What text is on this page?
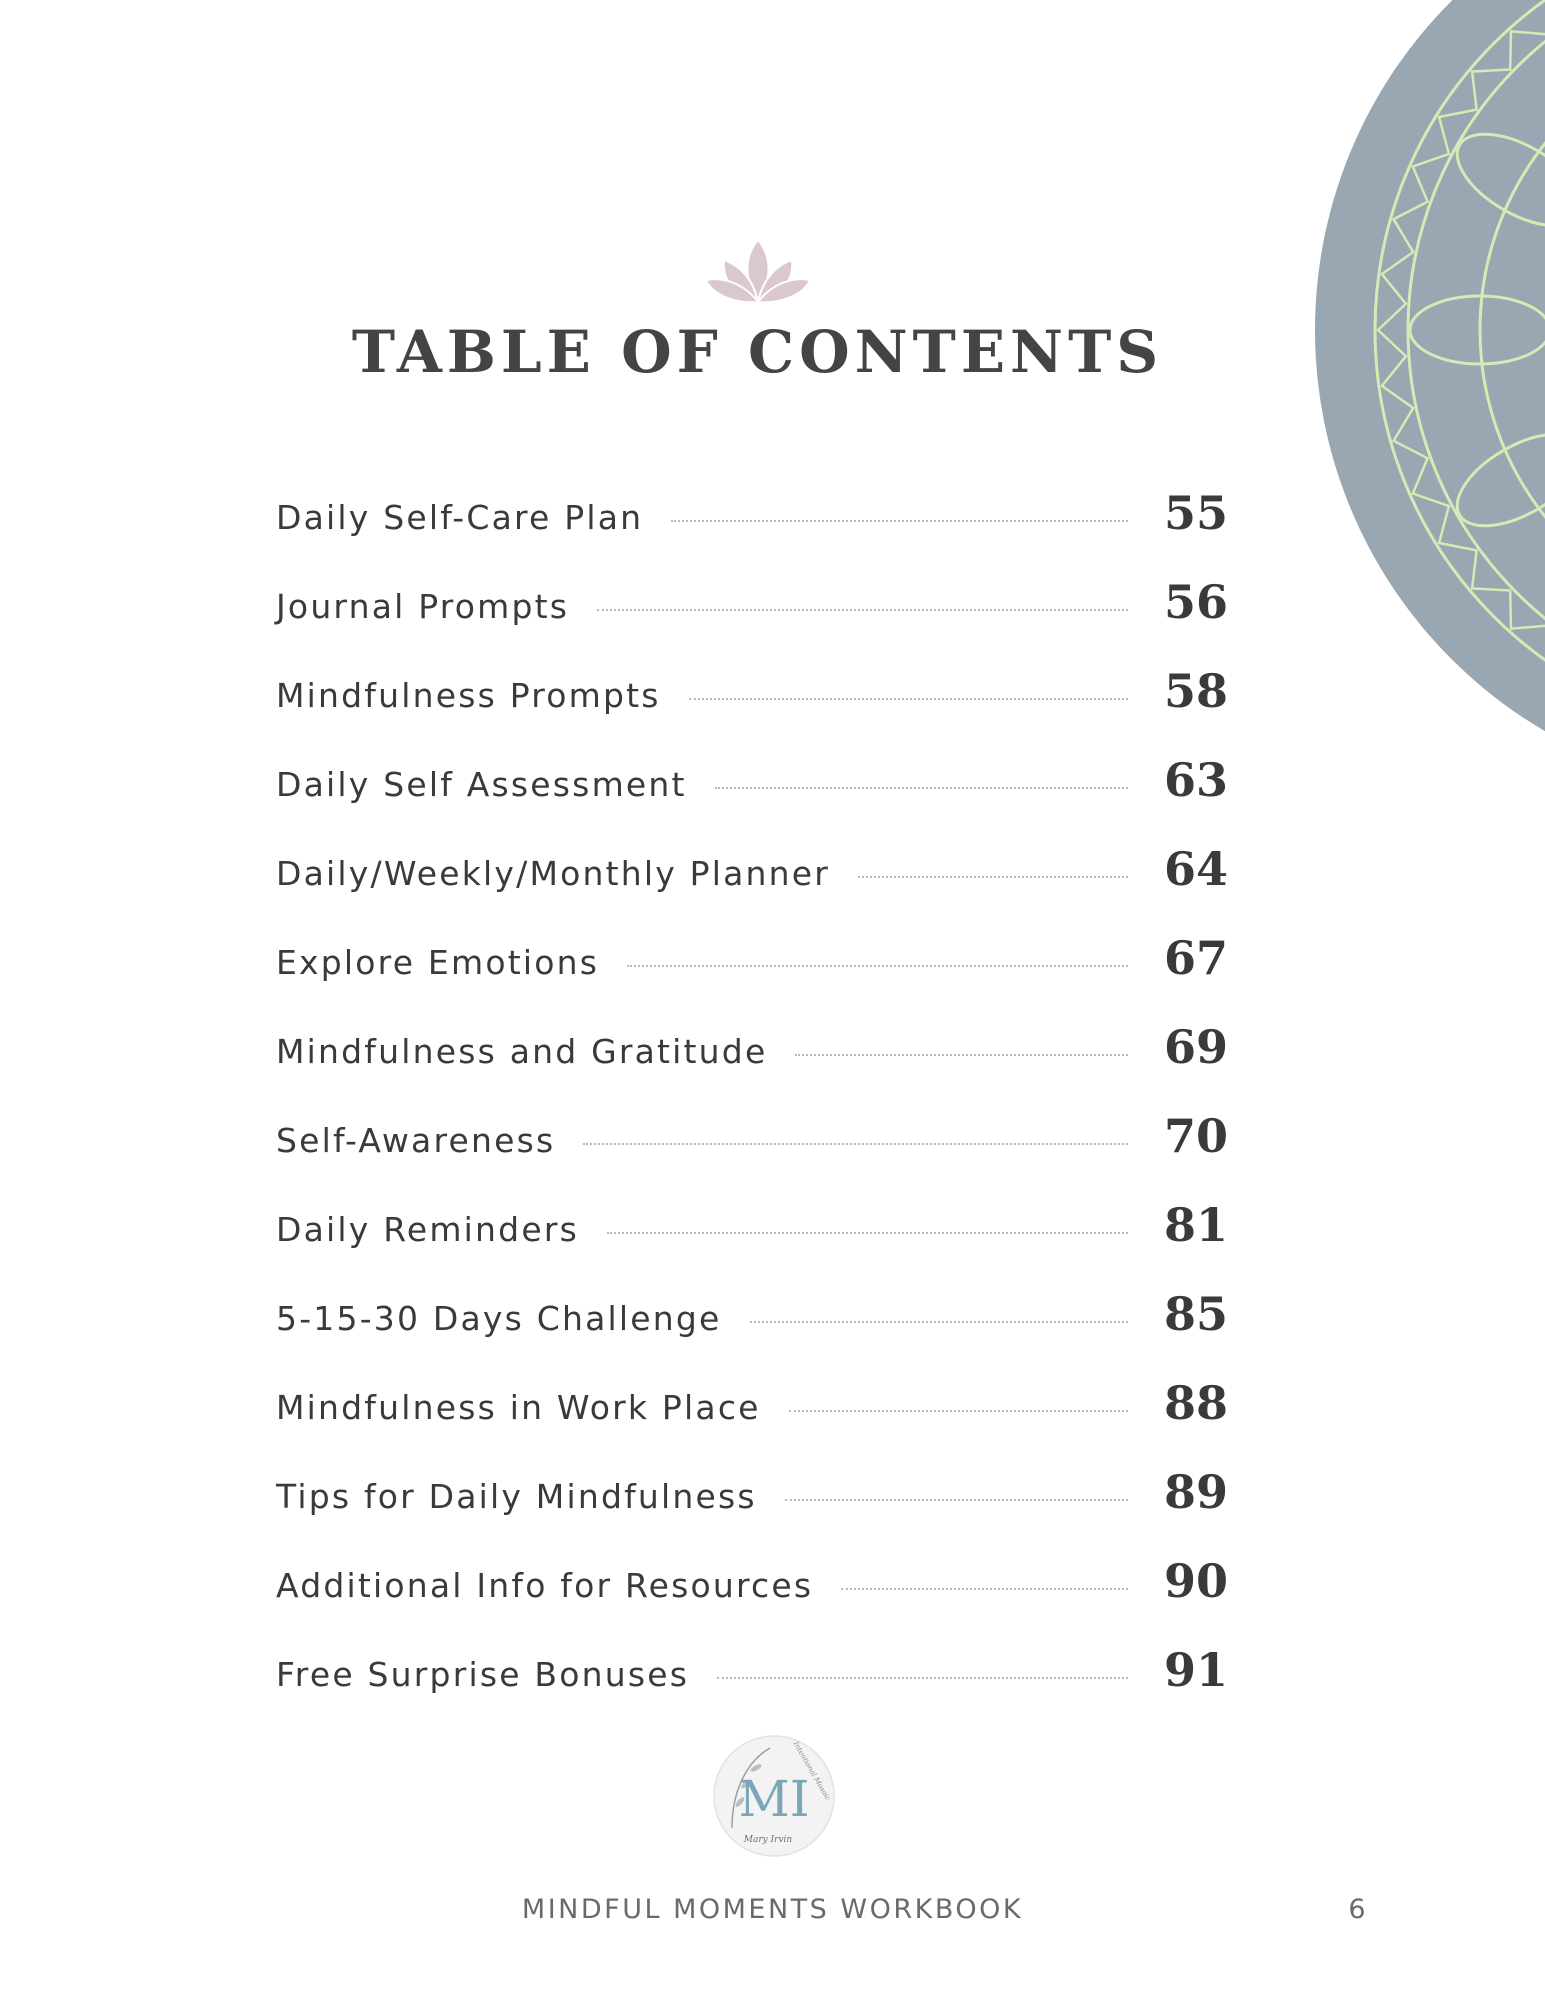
TABLE OF CONTENTS
Daily Self-Care Plan	55
Journal Prompts	56
Mindfulness Prompts	58
Daily Self Assessment	63
Daily/Weekly/Monthly Planner	64
Explore Emotions	67
Mindfulness and Gratitude	69
Self-Awareness	70
Daily Reminders	81
5-15-30 Days Challenge	85
Mindfulness in Work Place	88
Tips for Daily Mindfulness	89
Additional Info for Resources	90
Free Surprise Bonuses	91
MI
Mary Irvin
Intentional Mosaic
MINDFUL MOMENTS WORKBOOK	6
